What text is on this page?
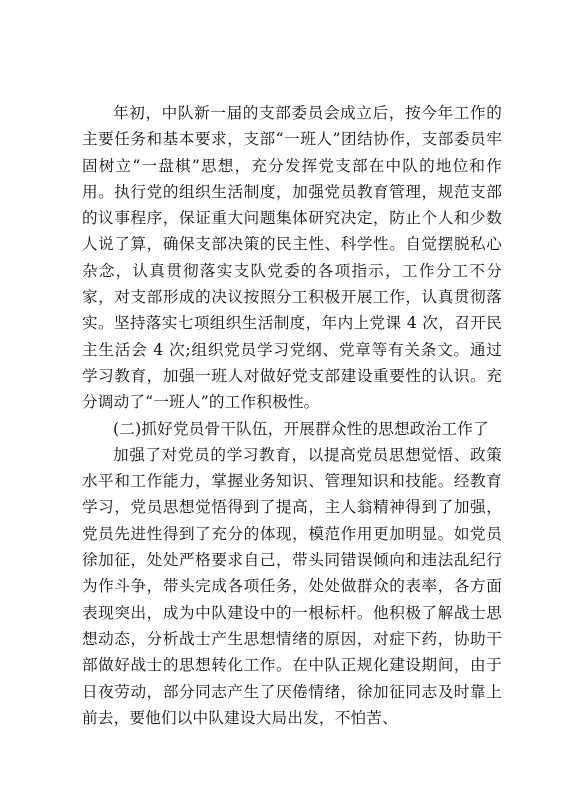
年初，中队新一届的支部委员会成立后，按今年工作的主要任务和基本要求，支部“一班人”团结协作，支部委员牢固树立“一盘棋”思想，充分发挥党支部在中队的地位和作用。执行党的组织生活制度，加强党员教育管理，规范支部的议事程序，保证重大问题集体研究决定，防止个人和少数人说了算，确保支部决策的民主性、科学性。自觉摆脱私心杂念，认真贯彻落实支队党委的各项指示，工作分工不分家，对支部形成的决议按照分工积极开展工作，认真贯彻落实。坚持落实七项组织生活制度，年内上党课 4 次，召开民主生活会 4 次;组织党员学习党纲、党章等有关条文。通过学习教育，加强一班人对做好党支部建设重要性的认识。充分调动了“一班人”的工作积极性。

(二)抓好党员骨干队伍，开展群众性的思想政治工作了

加强了对党员的学习教育，以提高党员思想觉悟、政策水平和工作能力，掌握业务知识、管理知识和技能。经教育学习，党员思想觉悟得到了提高，主人翁精神得到了加强，党员先进性得到了充分的体现，模范作用更加明显。如党员徐加征，处处严格要求自己，带头同错误倾向和违法乱纪行为作斗争，带头完成各项任务，处处做群众的表率，各方面表现突出，成为中队建设中的一根标杆。他积极了解战士思想动态，分析战士产生思想情绪的原因，对症下药，协助干部做好战士的思想转化工作。在中队正规化建设期间，由于日夜劳动，部分同志产生了厌倦情绪，徐加征同志及时靠上前去，要他们以中队建设大局出发，不怕苦、
